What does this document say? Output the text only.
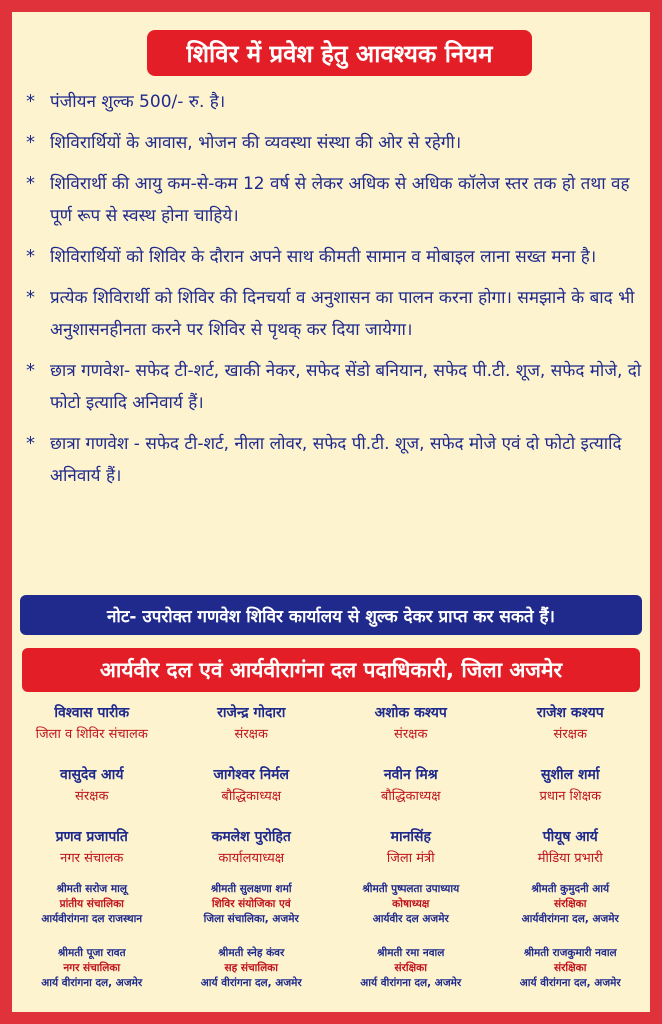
शिविर में प्रवेश हेतु आवश्यक नियम
* पंजीयन शुल्क 500/- रु. है।
* शिविरार्थियों के आवास, भोजन की व्यवस्था संस्था की ओर से रहेगी।
* शिविरार्थी की आयु कम-से-कम 12 वर्ष से लेकर अधिक से अधिक कॉलेज स्तर तक हो तथा वह पूर्ण रूप से स्वस्थ होना चाहिये।
* शिविरार्थियों को शिविर के दौरान अपने साथ कीमती सामान व मोबाइल लाना सख्त मना है।
* प्रत्येक शिविरार्थी को शिविर की दिनचर्या व अनुशासन का पालन करना होगा। समझाने के बाद भी अनुशासनहीनता करने पर शिविर से पृथक् कर दिया जायेगा।
* छात्र गणवेश- सफेद टी-शर्ट, खाकी नेकर, सफेद सेंडो बनियान, सफेद पी.टी. शूज, सफेद मोजे, दो फोटो इत्यादि अनिवार्य हैं।
* छात्रा गणवेश - सफेद टी-शर्ट, नीला लोवर, सफेद पी.टी. शूज, सफेद मोजे एवं दो फोटो इत्यादि अनिवार्य हैं।
नोट- उपरोक्त गणवेश शिविर कार्यालय से शुल्क देकर प्राप्त कर सकते हैं।
आर्यवीर दल एवं आर्यवीरागंना दल पदाधिकारी, जिला अजमेर
विश्वास पारीक
जिला व शिविर संचालक
राजेन्द्र गोदारा
संरक्षक
अशोक कश्यप
संरक्षक
राजेश कश्यप
संरक्षक
वासुदेव आर्य
संरक्षक
जागेश्वर निर्मल
बौद्धिकाध्यक्ष
नवीन मिश्र
बौद्धिकाध्यक्ष
सुशील शर्मा
प्रधान शिक्षक
प्रणव प्रजापति
नगर संचालक
कमलेश पुरोहित
कार्यालयाध्यक्ष
मानसिंह
जिला मंत्री
पीयूष आर्य
मीडिया प्रभारी
श्रीमती सरोज मालू
प्रांतीय संचालिका
आर्यवीरांगना दल राजस्थान
श्रीमती सुलक्षणा शर्मा
शिविर संयोजिका एवं
जिला संचालिका, अजमेर
श्रीमती पुष्पलता उपाध्याय
कोषाध्यक्ष
आर्यवीर दल अजमेर
श्रीमती कुमुदनी आर्य
संरक्षिका
आर्यवीरांगना दल, अजमेर
श्रीमती पूजा रावत
नगर संचालिका
आर्य वीरांगना दल, अजमेर
श्रीमती स्नेह कंवर
सह संचालिका
आर्य वीरांगना दल, अजमेर
श्रीमती रमा नवाल
संरक्षिका
आर्य वीरांगना दल, अजमेर
श्रीमती राजकुमारी नवाल
संरक्षिका
आर्य वीरांगना दल, अजमेर
